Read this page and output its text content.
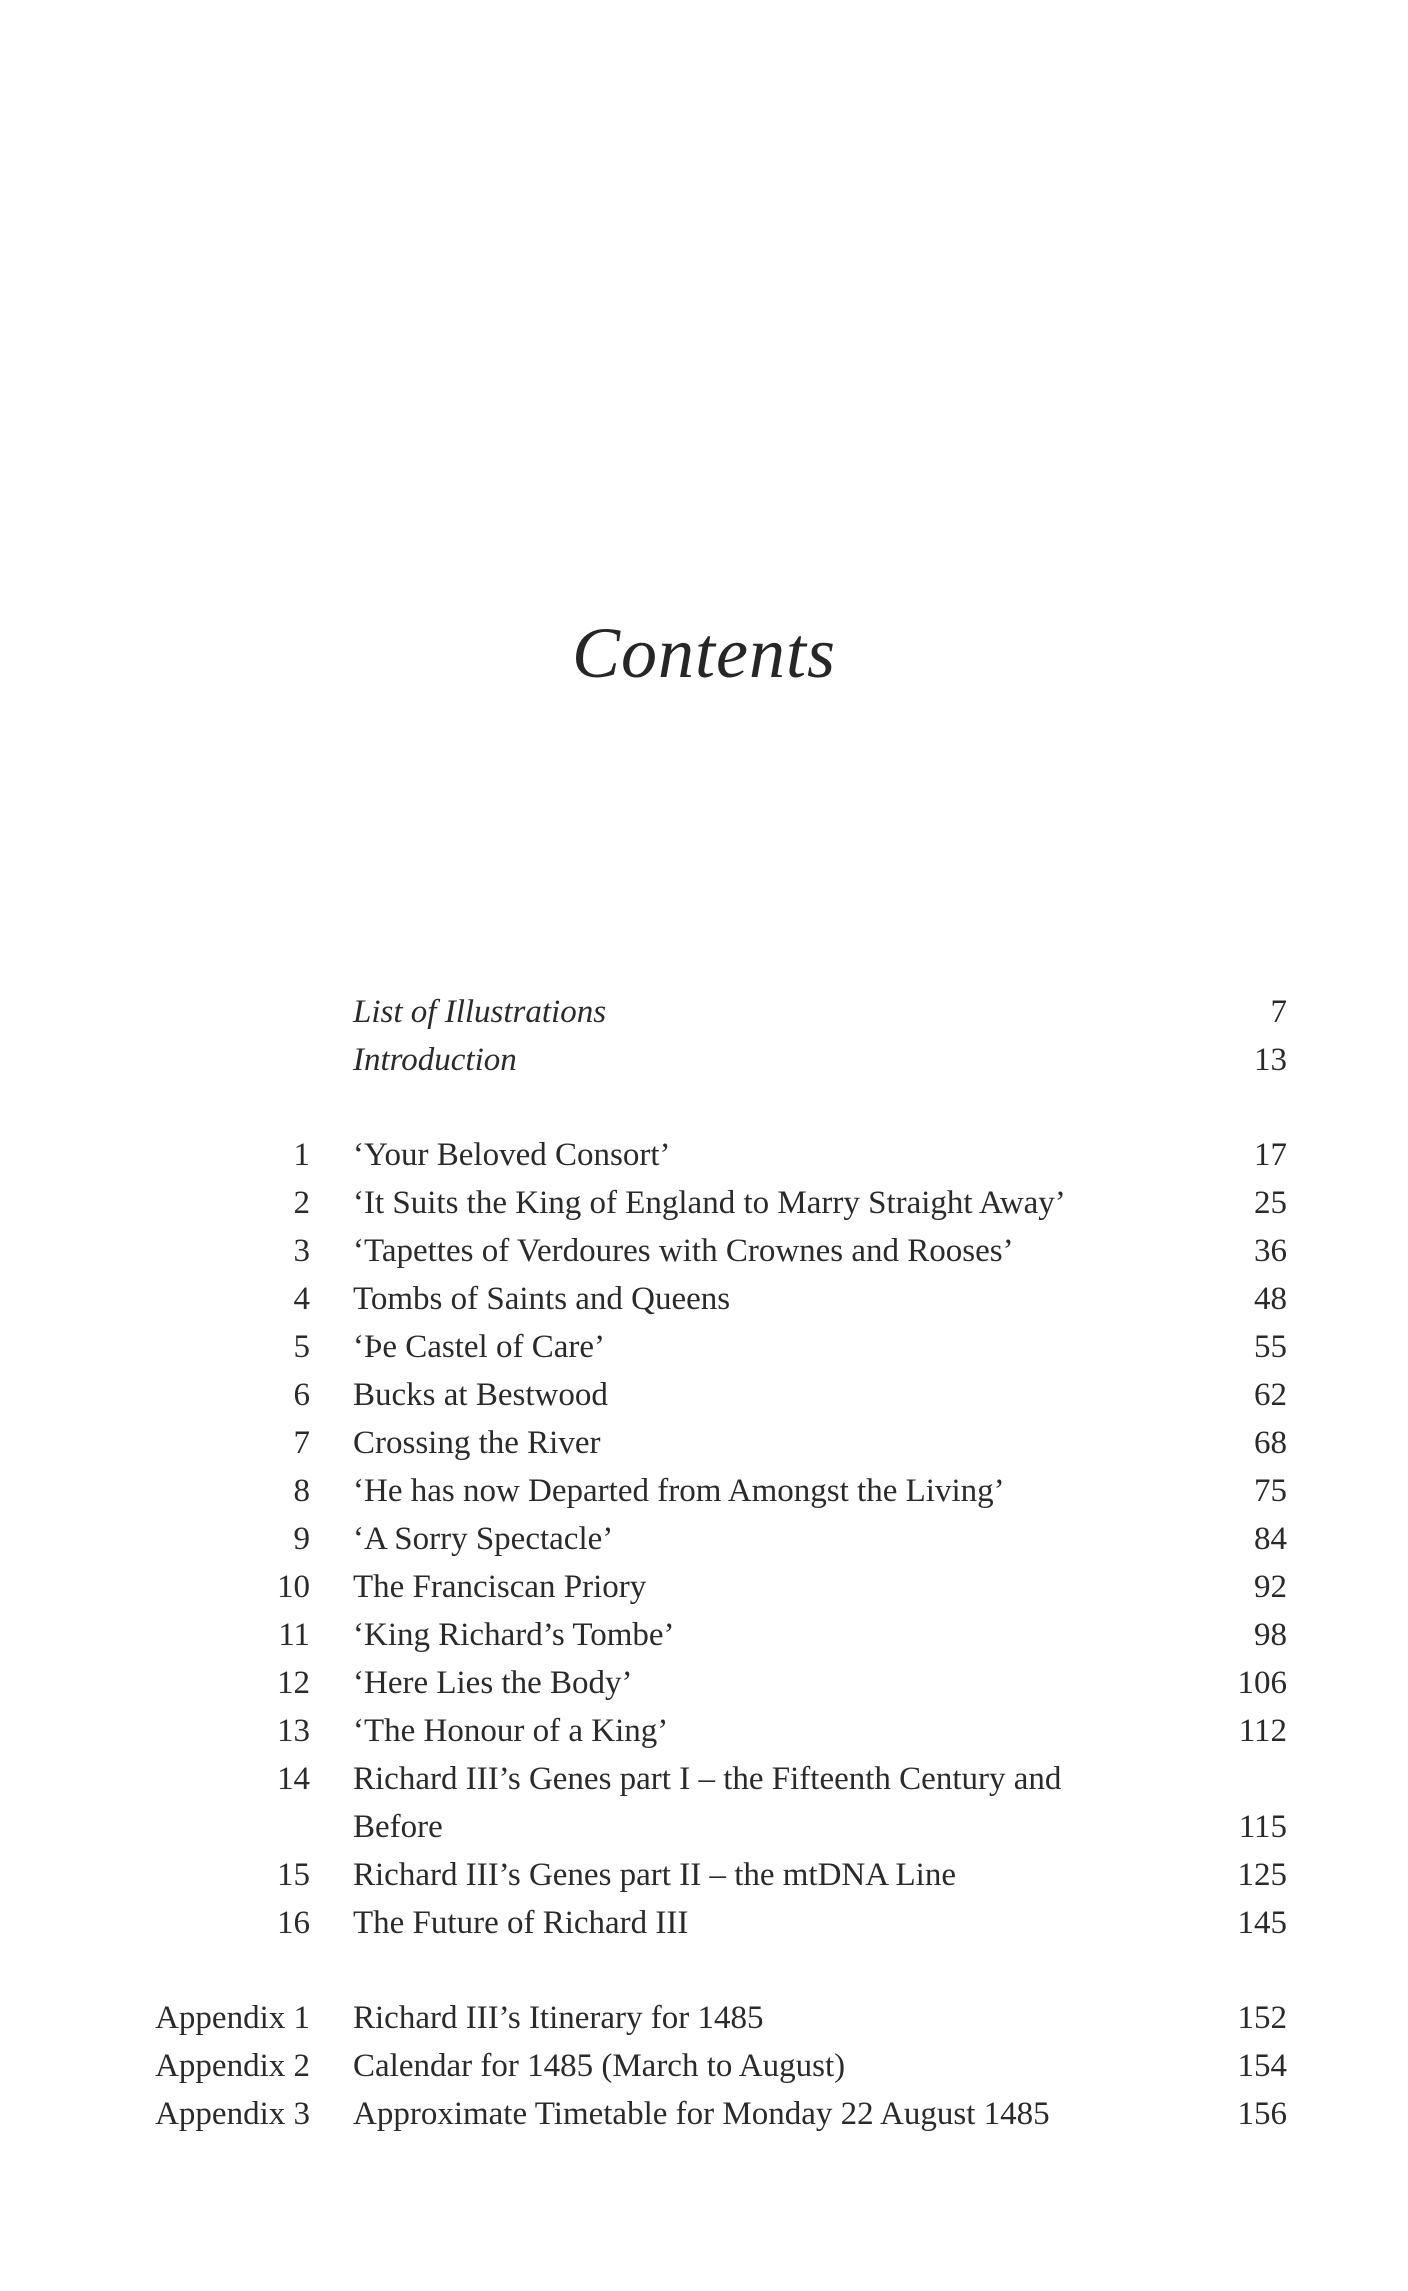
Contents
List of Illustrations	7
Introduction	13
1 ‘Your Beloved Consort’	17
2 ‘It Suits the King of England to Marry Straight Away’	25
3 ‘Tapettes of Verdoures with Crownes and Rooses’	36
4 Tombs of Saints and Queens	48
5 ‘Þe Castel of Care’	55
6 Bucks at Bestwood	62
7 Crossing the River	68
8 ‘He has now Departed from Amongst the Living’	75
9 ‘A Sorry Spectacle’	84
10 The Franciscan Priory	92
11 ‘King Richard’s Tombe’	98
12 ‘Here Lies the Body’	106
13 ‘The Honour of a King’	112
14 Richard III’s Genes part I – the Fifteenth Century and Before	115
15 Richard III’s Genes part II – the mtDNA Line	125
16 The Future of Richard III	145
Appendix 1 Richard III’s Itinerary for 1485	152
Appendix 2 Calendar for 1485 (March to August)	154
Appendix 3 Approximate Timetable for Monday 22 August 1485	156
